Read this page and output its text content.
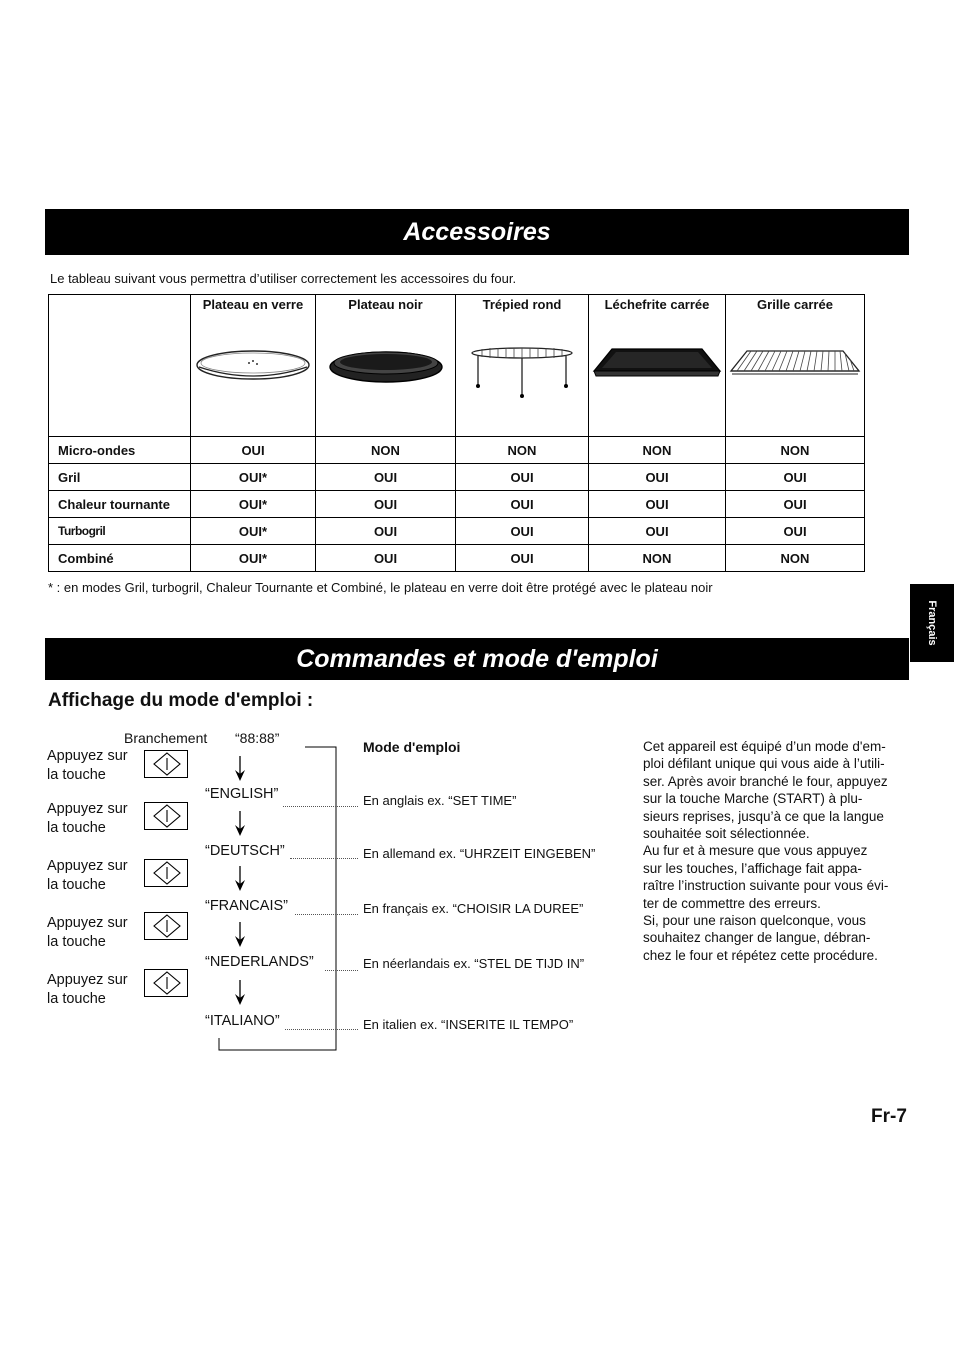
Accessoires
Le tableau suivant vous permettra d’utiliser correctement les accessoires du four.

	Plateau en verre	Plateau noir	Trépied rond	Léchefrite carrée	Grille carrée

Micro-ondes	OUI	NON	NON	NON	NON
Gril	OUI*	OUI	OUI	OUI	OUI
Chaleur tournante	OUI*	OUI	OUI	OUI	OUI
Turbogril	OUI*	OUI	OUI	OUI	OUI
Combiné	OUI*	OUI	OUI	NON	NON
* : en modes Gril, turbogril, Chaleur Tournante et Combiné, le plateau en verre doit être protégé avec le plateau noir
Français
Commandes et mode d'emploi
Affichage du mode d'emploi :
Branchement “88:88”
Mode d'emploi
Appuyez sur
la touche
“ENGLISH”	En anglais ex. “SET TIME”
Appuyez sur
la touche
“DEUTSCH”	En allemand ex. “UHRZEIT EINGEBEN”
Appuyez sur
la touche
“FRANCAIS”	En français ex. “CHOISIR LA DUREE”
Appuyez sur
la touche
“NEDERLANDS”	En néerlandais ex. “STEL DE TIJD IN”
Appuyez sur
la touche
“ITALIANO”	En italien ex. “INSERITE IL TEMPO”
Cet appareil est équipé d’un mode d'em-
ploi défilant unique qui vous aide à l’utili-
ser. Après avoir branché le four, appuyez
sur la touche Marche (START) à plu-
sieurs reprises, jusqu’à ce que la langue
souhaitée soit sélectionnée.
Au fur et à mesure que vous appuyez
sur les touches, l’affichage fait appa-
raître l’instruction suivante pour vous évi-
ter de commettre des erreurs.
Si, pour une raison quelconque, vous
souhaitez changer de langue, débran-
chez le four et répétez cette procédure.
Fr-7
